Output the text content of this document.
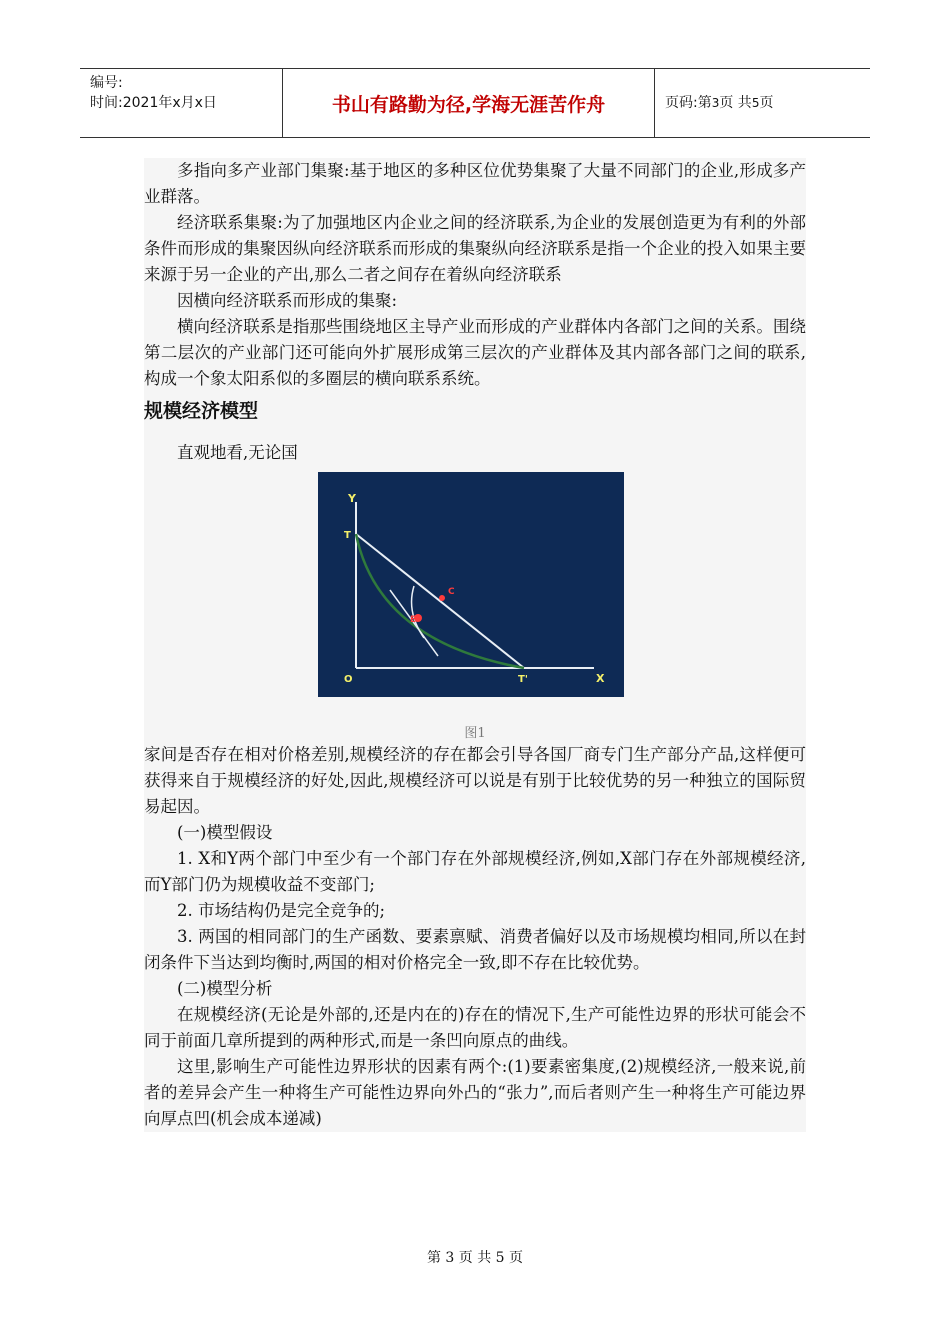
编号:
时间:2021年x月x日	书山有路勤为径,学海无涯苦作舟	页码:第3页 共5页
多指向多产业部门集聚:基于地区的多种区位优势集聚了大量不同部门的企业,形成多产业群落。
经济联系集聚:为了加强地区内企业之间的经济联系,为企业的发展创造更为有利的外部条件而形成的集聚因纵向经济联系而形成的集聚纵向经济联系是指一个企业的投入如果主要来源于另一企业的产出,那么二者之间存在着纵向经济联系
因横向经济联系而形成的集聚:
横向经济联系是指那些围绕地区主导产业而形成的产业群体内各部门之间的关系。围绕第二层次的产业部门还可能向外扩展形成第三层次的产业群体及其内部各部门之间的联系,构成一个象太阳系似的多圈层的横向联系系统。
规模经济模型
直观地看,无论国
Y
X
O
T
T'
C
E
图1
家间是否存在相对价格差别,规模经济的存在都会引导各国厂商专门生产部分产品,这样便可获得来自于规模经济的好处,因此,规模经济可以说是有别于比较优势的另一种独立的国际贸易起因。
(一)模型假设
1. X和Y两个部门中至少有一个部门存在外部规模经济,例如,X部门存在外部规模经济,而Y部门仍为规模收益不变部门;
2. 市场结构仍是完全竞争的;
3. 两国的相同部门的生产函数、要素禀赋、消费者偏好以及市场规模均相同,所以在封闭条件下当达到均衡时,两国的相对价格完全一致,即不存在比较优势。
(二)模型分析
在规模经济(无论是外部的,还是内在的)存在的情况下,生产可能性边界的形状可能会不同于前面几章所提到的两种形式,而是一条凹向原点的曲线。
这里,影响生产可能性边界形状的因素有两个:(1)要素密集度,(2)规模经济,一般来说,前者的差异会产生一种将生产可能性边界向外凸的“张力”,而后者则产生一种将生产可能边界向厚点凹(机会成本递减)
第 3 页 共 5 页
